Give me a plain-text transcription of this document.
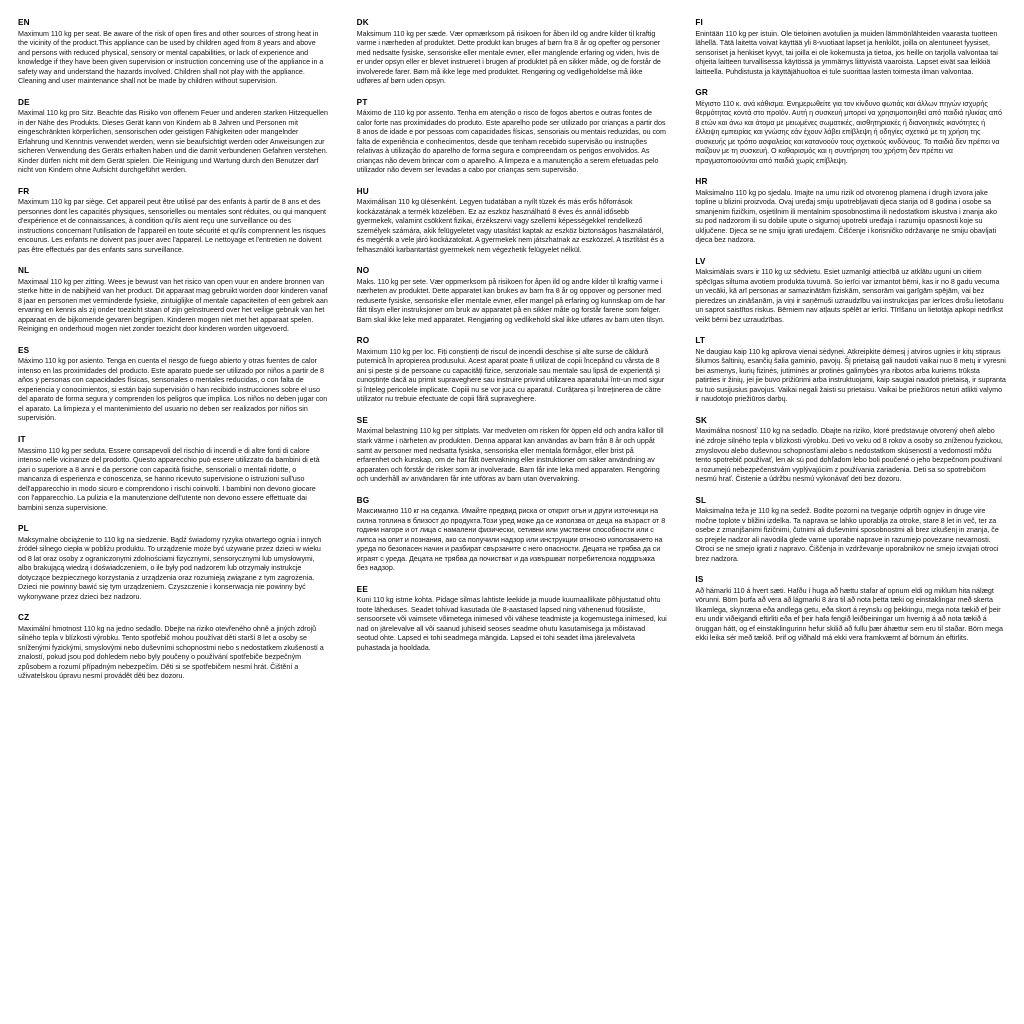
EN

Maximum 110 kg per seat. Be aware of the risk of open fires and other sources of strong heat in the vicinity of the product.This appliance can be used by children aged from 8 years and above and persons with reduced physical, sensory or mental capabilities, or lack of experience and knowledge if they have been given supervision or instruction concerning use of the appliance in a safety way and understand the hazards involved. Children shall not play with the appliance. Cleaning and user maintenance shall not be made by children without supervision.

DE

Maximal 110 kg pro Sitz. Beachte das Risiko von offenem Feuer und anderen starken Hitzequellen in der Nähe des Produkts. Dieses Gerät kann von Kindern ab 8 Jahren und Personen mit eingeschränkten körperlichen, sensorischen oder geistigen Fähigkeiten oder mangelnder Erfahrung und Kenntnis verwendet werden, wenn sie beaufsichtigt werden oder Anweisungen zur sicheren Verwendung des Geräts erhalten haben und die damit verbundenen Gefahren verstehen. Kinder dürfen nicht mit dem Gerät spielen. Die Reinigung und Wartung durch den Benutzer darf nicht von Kindern ohne Aufsicht durchgeführt werden.

FR

Maximum 110 kg par siège. Cet appareil peut être utilisé par des enfants à partir de 8 ans et des personnes dont les capacités physiques, sensorielles ou mentales sont réduites, ou qui manquent d'expérience et de connaissances, à condition qu'ils aient reçu une surveillance ou des instructions concernant l'utilisation de l'appareil en toute sécurité et qu'ils comprennent les risques encourus. Les enfants ne doivent pas jouer avec l'appareil. Le nettoyage et l'entretien ne doivent pas être effectués par des enfants sans surveillance.

NL

Maximaal 110 kg per zitting. Wees je bewust van het risico van open vuur en andere bronnen van sterke hitte in de nabijheid van het product. Dit apparaat mag gebruikt worden door kinderen vanaf 8 jaar en personen met verminderde fysieke, zintuiglijke of mentale capaciteiten of een gebrek aan ervaring en kennis als zij onder toezicht staan of zijn geïnstrueerd over het veilige gebruik van het apparaat en de bijkomende gevaren begrijpen. Kinderen mogen niet met het apparaat spelen. Reiniging en onderhoud mogen niet zonder toezicht door kinderen worden uitgevoerd.

ES

Máximo 110 kg por asiento. Tenga en cuenta el riesgo de fuego abierto y otras fuentes de calor intenso en las proximidades del producto. Este aparato puede ser utilizado por niños a partir de 8 años y personas con capacidades físicas, sensoriales o mentales reducidas, o con falta de experiencia y conocimientos, si están bajo supervisión o han recibido instrucciones sobre el uso del aparato de forma segura y comprenden los peligros que implica. Los niños no deben jugar con el aparato. La limpieza y el mantenimiento del usuario no deben ser realizados por niños sin supervisión.

IT

Massimo 110 kg per seduta. Essere consapevoli del rischio di incendi e di altre fonti di calore intenso nelle vicinanze del prodotto. Questo apparecchio può essere utilizzato da bambini di età pari o superiore a 8 anni e da persone con capacità fisiche, sensoriali o mentali ridotte, o mancanza di esperienza e conoscenza, se hanno ricevuto supervisione o istruzioni sull'uso dell'apparecchio in modo sicuro e comprendono i rischi coinvolti. I bambini non devono giocare con l'apparecchio. La pulizia e la manutenzione dell'utente non devono essere effettuate dai bambini senza supervisione.

PL

Maksymalne obciążenie to 110 kg na siedzenie. Bądź świadomy ryzyka otwartego ognia i innych źródeł silnego ciepła w pobliżu produktu. To urządzenie może być używane przez dzieci w wieku od 8 lat oraz osoby z ograniczonymi zdolnościami fizycznymi, sensorycznymi lub umysłowymi, albo brakującą wiedzą i doświadczeniem, o ile były pod nadzorem lub otrzymały instrukcje dotyczące bezpiecznego korzystania z urządzenia oraz rozumieją związane z tym zagrożenia. Dzieci nie powinny bawić się tym urządzeniem. Czyszczenie i konserwacja nie powinny być wykonywane przez dzieci bez nadzoru.

CZ

Maximální hmotnost 110 kg na jedno sedadlo. Dbejte na riziko otevřeného ohně a jiných zdrojů silného tepla v blízkosti výrobku. Tento spotřebič mohou používat děti starší 8 let a osoby se sníženými fyzickými, smyslovými nebo duševními schopnostmi nebo s nedostatkem zkušeností a znalostí, pokud jsou pod dohledem nebo byly poučeny o používání spotřebiče bezpečným způsobem a rozumí případným nebezpečím. Děti si se spotřebičem nesmí hrát. Čištění a uživatelskou úpravu nesmí provádět děti bez dozoru.

DK

Maksimum 110 kg per sæde. Vær opmærksom på risikoen for åben ild og andre kilder til kraftig varme i nærheden af produktet. Dette produkt kan bruges af børn fra 8 år og opefter og personer med nedsatte fysiske, sensoriske eller mentale evner, eller manglende erfaring og viden, hvis de er under opsyn eller er blevet instrueret i brugen af produktet på en sikker måde, og de forstår de involverede farer. Børn må ikke lege med produktet. Rengøring og vedligeholdelse må ikke udføres af børn uden opsyn.

PT

Máximo de 110 kg por assento. Tenha em atenção o risco de fogos abertos e outras fontes de calor forte nas proximidades do produto. Este aparelho pode ser utilizado por crianças a partir dos 8 anos de idade e por pessoas com capacidades físicas, sensoriais ou mentais reduzidas, ou com falta de experiência e conhecimentos, desde que tenham recebido supervisão ou instruções relativas à utilização do aparelho de forma segura e compreendam os perigos envolvidos. As crianças não devem brincar com o aparelho. A limpeza e a manutenção a serem efetuadas pelo utilizador não devem ser levadas a cabo por crianças sem supervisão.

HU

Maximálisan 110 kg ülésenként. Legyen tudatában a nyílt tüzek és más erős hőforrások kockázatának a termék közelében. Ez az eszköz használható 8 éves és annál idősebb gyermekek, valamint csökkent fizikai, érzékszervi vagy szellemi képességekkel rendelkező személyek számára, akik felügyeletet vagy utasítást kaptak az eszköz biztonságos használatáról, és megértik a vele járó kockázatokat. A gyermekek nem játszhatnak az eszközzel. A tisztítást és a felhasználói karbantartást gyermekek nem végezhetik felügyelet nélkül.

NO

Maks. 110 kg per sete. Vær oppmerksom på risikoen for åpen ild og andre kilder til kraftig varme i nærheten av produktet. Dette apparatet kan brukes av barn fra 8 år og oppover og personer med reduserte fysiske, sensoriske eller mentale evner, eller mangel på erfaring og kunnskap om de har fått tilsyn eller instruksjoner om bruk av apparatet på en sikker måte og forstår farene som følger. Barn skal ikke leke med apparatet. Rengjøring og vedlikehold skal ikke utføres av barn uten tilsyn.

RO

Maximum 110 kg per loc. Fiți conștienți de riscul de incendii deschise și alte surse de căldură puternică în apropierea produsului. Acest aparat poate fi utilizat de copii începând cu vârsta de 8 ani și peste și de persoane cu capacități fizice, senzoriale sau mentale sau lipsă de experiență și cunoștințe dacă au primit supraveghere sau instruire privind utilizarea aparatului într-un mod sigur și înțeleg pericolele implicate. Copiii nu se vor juca cu aparatul. Curățarea și întreținerea de către utilizator nu trebuie efectuate de copii fără supraveghere.

SE

Maximal belastning 110 kg per sittplats. Var medveten om risken för öppen eld och andra källor till stark värme i närheten av produkten. Denna apparat kan användas av barn från 8 år och uppåt samt av personer med nedsatta fysiska, sensoriska eller mentala förmågor, eller brist på erfarenhet och kunskap, om de har fått övervakning eller instruktioner om säker användning av apparaten och förstår de risker som är involverade. Barn får inte leka med apparaten. Rengöring och underhåll av användaren får inte utföras av barn utan övervakning.

BG

Максимално 110 кг на седалка. Имайте предвид риска от открит огън и други източници на силна топлина в близост до продукта.Този уред може да се използва от деца на възраст от 8 години нагоре и от лица с намалени физически, сетивни или умствени способности или с липса на опит и познания, ако са получили надзор или инструкции относно използването на уреда по безопасен начин и разбират свързаните с него опасности. Децата не трябва да си играят с уреда. Децата не трябва да почистват и да извършват потребителска поддръжка без надзор.

EE

Kuni 110 kg istme kohta. Pidage silmas lahtiste leekide ja muude kuumaallikate põhjustatud ohtu toote läheduses. Seadet tohivad kasutada üle 8-aastased lapsed ning vähenenud füüsiliste, sensoorsete või vaimsete võimetega inimesed või vähese teadmiste ja kogemustega inimesed, kui nad on järelevalve all või saanud juhiseid seoses seadme ohutu kasutamisega ja mõistavad seotud ohte. Lapsed ei tohi seadmega mängida. Lapsed ei tohi seadet ilma järelevalveta puhastada ja hooldada.

FI

Enintään 110 kg per istuin. Ole tietoinen avotulien ja muiden lämmönlähteiden vaarasta tuotteen lähellä. Tätä laitetta voivat käyttää yli 8-vuotiaat lapset ja henkilöt, joilla on alentuneet fyysiset, sensoriset ja henkiset kyvyt, tai joilla ei ole kokemusta ja tietoa, jos heille on tarjolla valvontaa tai ohjeita laitteen turvallisessa käytössä ja ymmärrys liittyvistä vaaroista. Lapset eivät saa leikkiä laitteella. Puhdistusta ja käyttäjähuoltoa ei tule suorittaa lasten toimesta ilman valvontaa.

GR

Μέγιστο 110 κ. ανά κάθισμα. Ενημερωθείτε για τον κίνδυνο φωτιάς και άλλων πηγών ισχυρής θερμότητας κοντά στο προϊόν. Αυτή η συσκευή μπορεί να χρησιμοποιηθεί από παιδιά ηλικίας από 8 ετών και άνω και άτομα με μειωμένες σωματικές, αισθητηριακές ή διανοητικές ικανότητες ή έλλειψη εμπειρίας και γνώσης εάν έχουν λάβει επίβλεψη ή οδηγίες σχετικά με τη χρήση της συσκευής με τρόπο ασφαλείας και κατανοούν τους σχετικούς κινδύνους. Τα παιδιά δεν πρέπει να παίζουν με τη συσκευή. Ο καθαρισμός και η συντήρηση του χρήστη δεν πρέπει να πραγματοποιούνται από παιδιά χωρίς επίβλεψη.

HR

Maksimalno 110 kg po sjedalu. Imajte na umu rizik od otvorenog plamena i drugih izvora jake topline u blizini proizvoda. Ovaj uređaj smiju upotrebljavati djeca starija od 8 godina i osobe sa smanjenim fizičkim, osjetilnim ili mentalnim sposobnostima ili nedostatkom iskustva i znanja ako su pod nadzorom ili su dobile upute o sigurnoj upotrebi uređaja i razumiju opasnosti koje su uključene. Djeca se ne smiju igrati uređajem. Čišćenje i korisničko održavanje ne smiju obavljati djeca bez nadzora.

LV

Maksimālais svars ir 110 kg uz sēdvietu. Esiet uzmanīgi attiecībā uz atklātu uguni un citiem spēcīgas siltuma avotiem produkta tuvumā. So ierīci var izmantot bērni, kas ir no 8 gadu vecuma un vecāki, kā arī personas ar samazinātām fiziskām, sensorām vai garīgām spējām, vai bez pieredzes un zināšanām, ja viņi ir saņēmuši uzraudzību vai instrukcijas par ierīces drošu lietošanu un saprot saistītos riskus. Bērniem nav atļauts spēlēt ar ierīci. Tīrīšanu un lietotāja apkopi nedrīkst veikt bērni bez uzraudzības.

LT

Ne daugiau kaip 110 kg apkrova vienai sėdynei. Atkreipkite dėmesį į atviros ugnies ir kitų stipraus šilumos šaltinių, esančių šalia gaminio, pavojų. Šį prietaisą gali naudoti vaikai nuo 8 metų ir vyresni bei asmenys, kurių fizinės, jutiminės ar protinės galimybės yra ribotos arba kuriems trūksta patirties ir žinių, jei jie buvo prižiūrimi arba instruktuojami, kaip saugiai naudoti prietaisą, ir supranta su tuo susijusius pavojus. Vaikai negali žaisti su prietaisu. Vaikai be priežiūros neturi atlikti valymo ir naudotojo priežiūros darbų.

SK

Maximálna nosnosť 110 kg na sedadlo. Dbajte na riziko, ktoré predstavuje otvorený oheň alebo iné zdroje silného tepla v blízkosti výrobku. Deti vo veku od 8 rokov a osoby so zníženou fyzickou, zmyslovou alebo duševnou schopnosťami alebo s nedostatkom skúseností a vedomostí môžu tento spotrebič používať, len ak sú pod dohľadom lebo boli poučené o jeho bezpečnom používaní a rozumejú nebezpečenstvám vyplývajúcim z používania zariadenia. Deti sa so spotrebičom nesmú hrať. Čistenie a údržbu nesmú vykonávať deti bez dozoru.

SL

Maksimalna teža je 110 kg na sedež. Bodite pozorni na tveganje odprtih ognjev in druge vire močne toplote v bližini izdelka. Ta naprava se lahko uporablja za otroke, stare 8 let in več, ter za osebe z zmanjšanimi fizičnimi, čutnimi ali duševnimi sposobnostmi ali brez izkušenj in znanja, če so prejele nadzor ali navodila glede varne uporabe naprave in razumejo povezane nevarnosti. Otroci se ne smejo igrati z napravo. Čiščenja in vzdrževanje uporabnikov ne smejo izvajati otroci brez nadzora.

IS

Að hámarki 110 á hvert sæti. Hafðu í huga að hættu stafar af opnum eldi og miklum hita nálægt vörunni. Börn þurfa að vera að lágmarki 8 ára til að nota þetta tæki og einstaklingar með skerta líkamlega, skynræna eða andlega getu, eða skort á reynslu og þekkingu, mega nota tækið ef þeir eru undir viðeigandi eftirliti eða ef þeir hafa fengið leiðbeiningar um hvernig á að nota tækið á öruggan hátt, og ef einstaklingurinn hefur skilið að fullu þær áhættur sem eru til staðar. Börn mega ekki leika sér með tækið. Þrif og viðhald má ekki vera framkvæmt af börnum án eftirlits.
